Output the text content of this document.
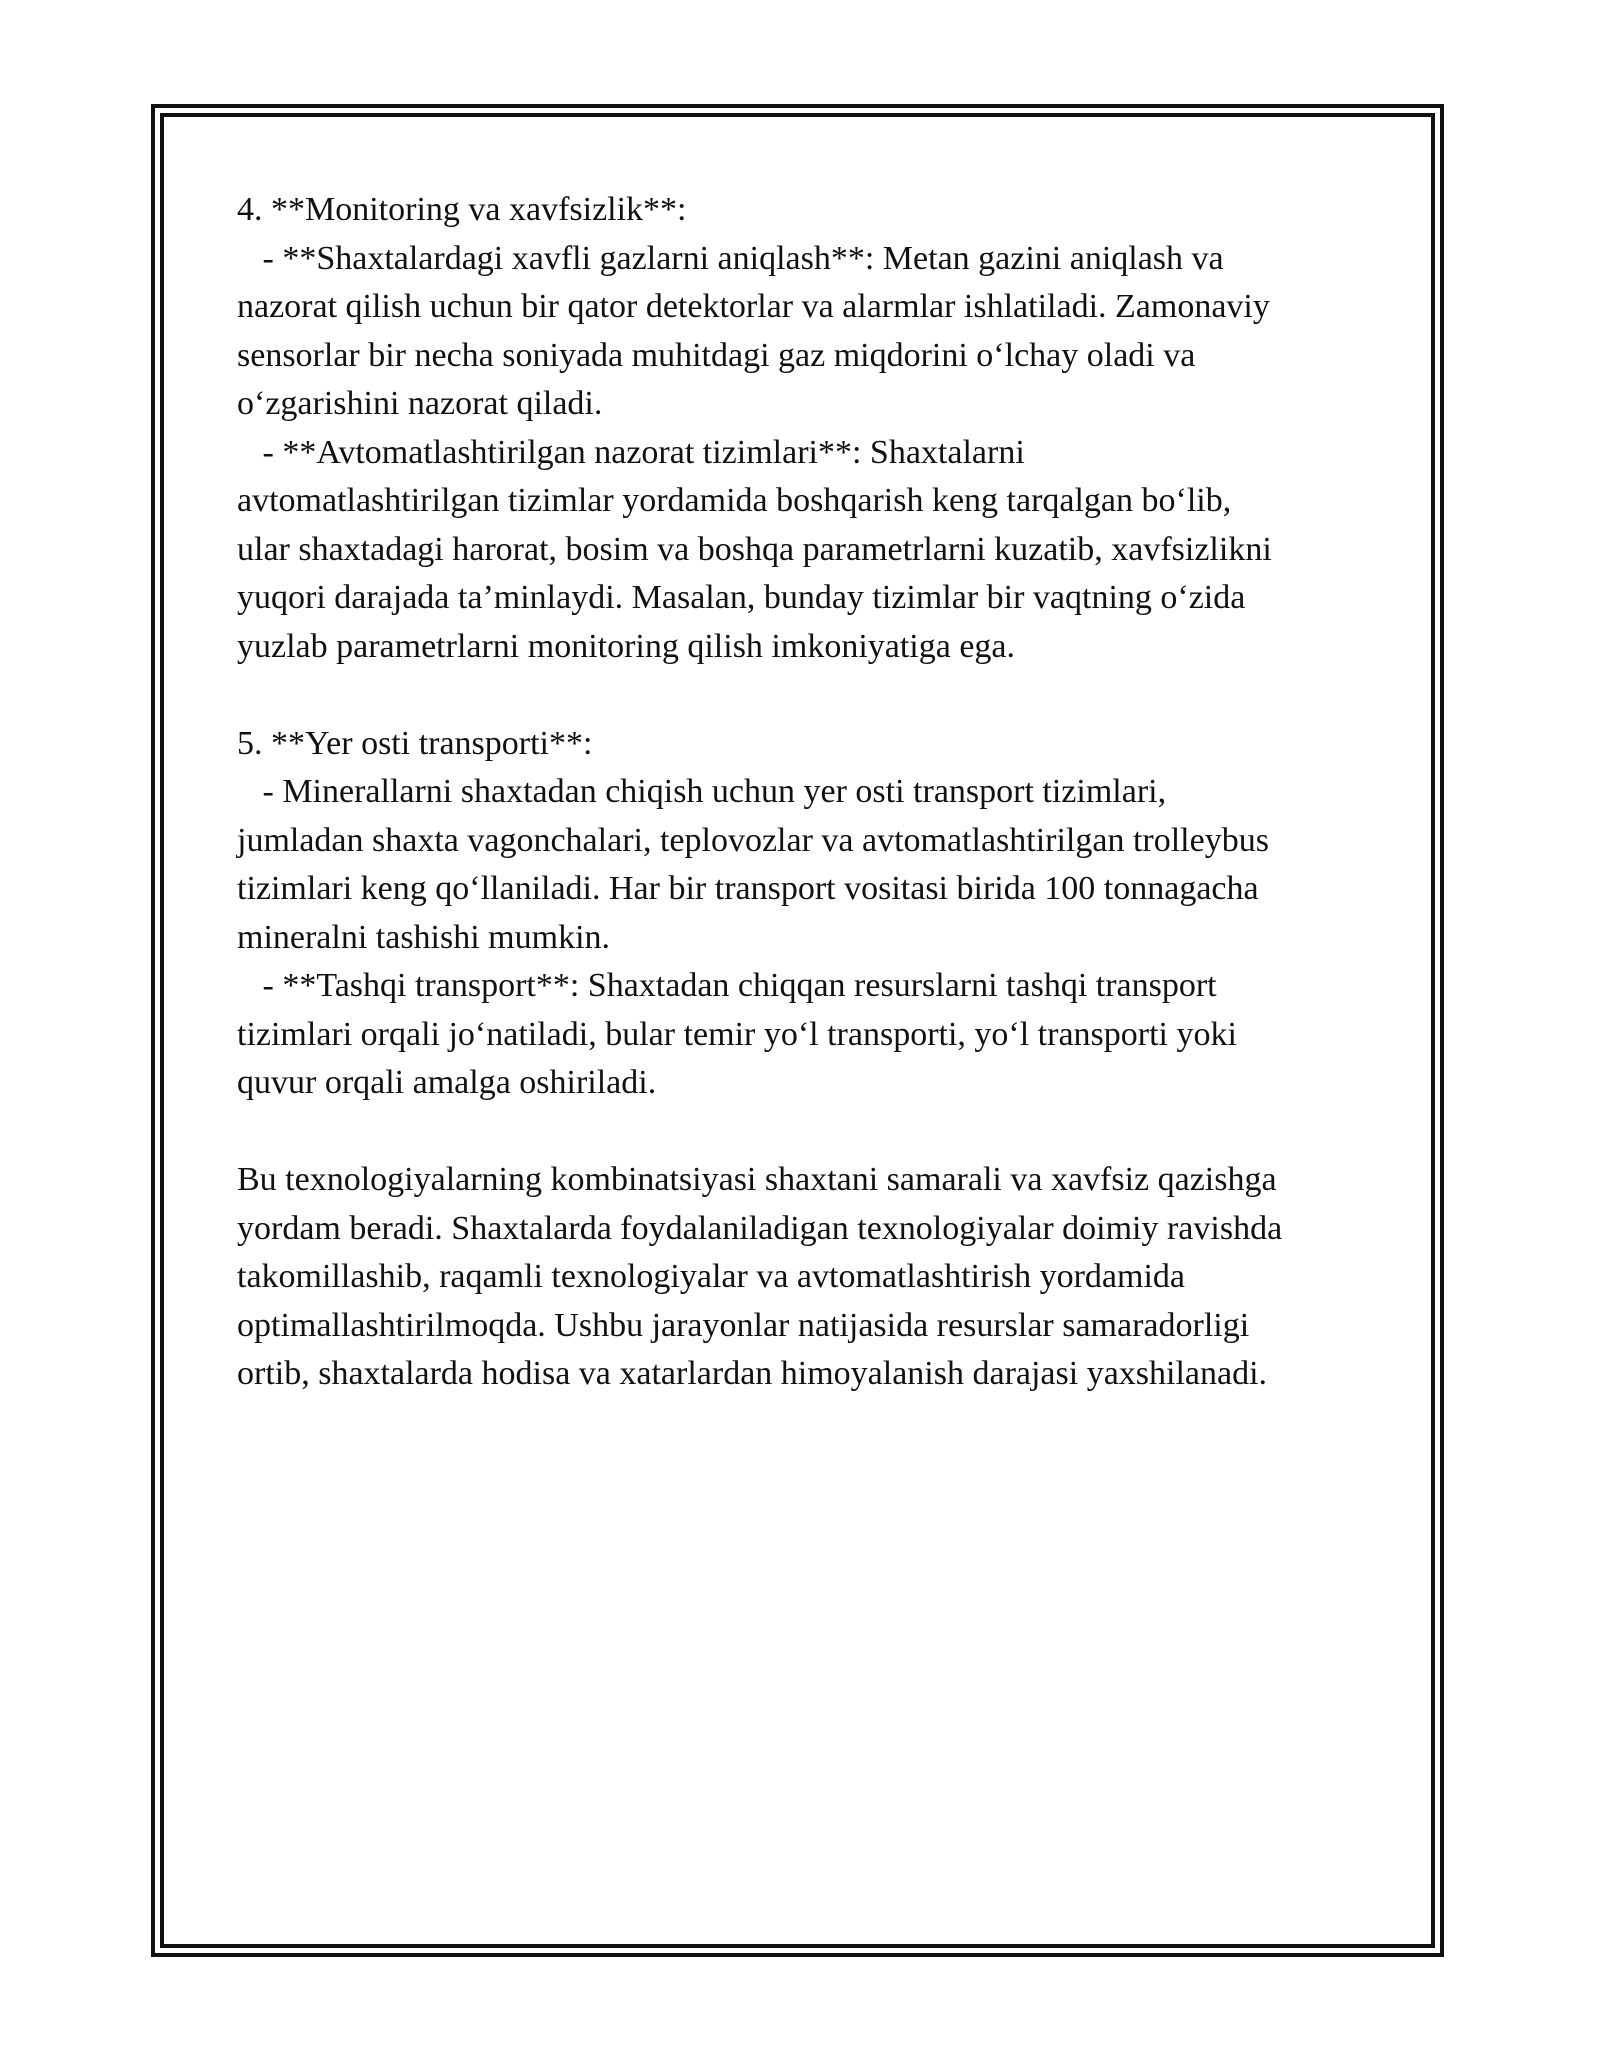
4. **Monitoring va xavfsizlik**:
- **Shaxtalardagi xavfli gazlarni aniqlash**: Metan gazini aniqlash va
nazorat qilish uchun bir qator detektorlar va alarmlar ishlatiladi. Zamonaviy
sensorlar bir necha soniyada muhitdagi gaz miqdorini o‘lchay oladi va
o‘zgarishini nazorat qiladi.
- **Avtomatlashtirilgan nazorat tizimlari**: Shaxtalarni
avtomatlashtirilgan tizimlar yordamida boshqarish keng tarqalgan bo‘lib,
ular shaxtadagi harorat, bosim va boshqa parametrlarni kuzatib, xavfsizlikni
yuqori darajada ta’minlaydi. Masalan, bunday tizimlar bir vaqtning o‘zida
yuzlab parametrlarni monitoring qilish imkoniyatiga ega.
5. **Yer osti transporti**:
- Minerallarni shaxtadan chiqish uchun yer osti transport tizimlari,
jumladan shaxta vagonchalari, teplovozlar va avtomatlashtirilgan trolleybus
tizimlari keng qo‘llaniladi. Har bir transport vositasi birida 100 tonnagacha
mineralni tashishi mumkin.
- **Tashqi transport**: Shaxtadan chiqqan resurslarni tashqi transport
tizimlari orqali jo‘natiladi, bular temir yo‘l transporti, yo‘l transporti yoki
quvur orqali amalga oshiriladi.
Bu texnologiyalarning kombinatsiyasi shaxtani samarali va xavfsiz qazishga
yordam beradi. Shaxtalarda foydalaniladigan texnologiyalar doimiy ravishda
takomillashib, raqamli texnologiyalar va avtomatlashtirish yordamida
optimallashtirilmoqda. Ushbu jarayonlar natijasida resurslar samaradorligi
ortib, shaxtalarda hodisa va xatarlardan himoyalanish darajasi yaxshilanadi.
